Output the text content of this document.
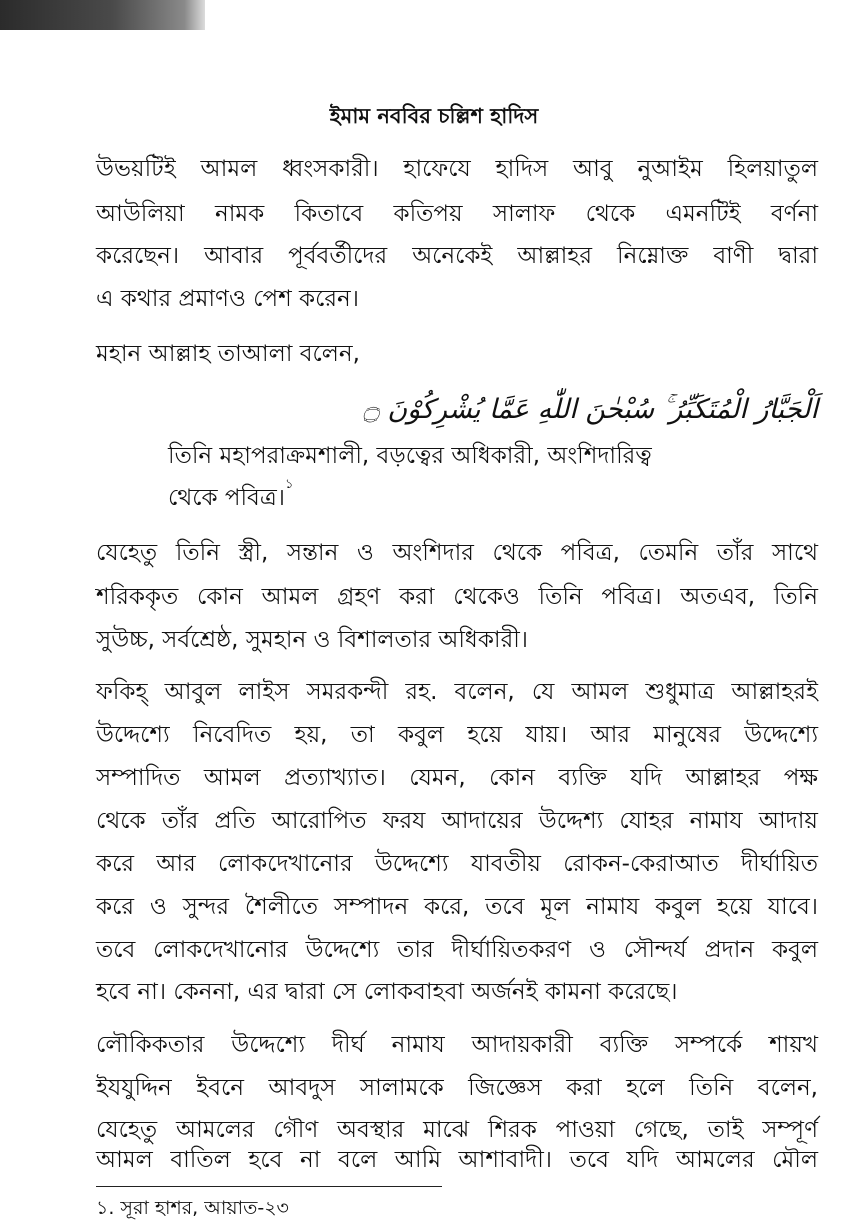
ইমাম নববির চল্লিশ হাদিস
উভয়টিই আমল ধ্বংসকারী। হাফেযে হাদিস আবু নুআইম হিলয়াতুল
আউলিয়া নামক কিতাবে কতিপয় সালাফ থেকে এমনটিই বর্ণনা
করেছেন। আবার পূর্ববর্তীদের অনেকেই আল্লাহর নিম্নোক্ত বাণী দ্বারা
এ কথার প্রমাণও পেশ করেন।
মহান আল্লাহ তাআলা বলেন,
اَلْجَبَّارُ الْمُتَكَبِّرُ ۚ سُبْحٰنَ اللّٰهِ عَمَّا یُشْرِكُوْنَ ۝
তিনি মহাপরাক্রমশালী, বড়ত্বের অধিকারী, অংশিদারিত্ব
থেকে পবিত্র।$^১$
যেহেতু তিনি স্ত্রী, সন্তান ও অংশিদার থেকে পবিত্র, তেমনি তাঁর সাথে
শরিককৃত কোন আমল গ্রহণ করা থেকেও তিনি পবিত্র। অতএব, তিনি
সুউচ্চ, সর্বশ্রেষ্ঠ, সুমহান ও বিশালতার অধিকারী।
ফকিহ্ আবুল লাইস সমরকন্দী রহ. বলেন, যে আমল শুধুমাত্র আল্লাহরই
উদ্দেশ্যে নিবেদিত হয়, তা কবুল হয়ে যায়। আর মানুষের উদ্দেশ্যে
সম্পাদিত আমল প্রত্যাখ্যাত। যেমন, কোন ব্যক্তি যদি আল্লাহর পক্ষ
থেকে তাঁর প্রতি আরোপিত ফরয আদায়ের উদ্দেশ্য যোহর নামায আদায়
করে আর লোকদেখানোর উদ্দেশ্যে যাবতীয় রোকন-কেরাআত দীর্ঘায়িত
করে ও সুন্দর শৈলীতে সম্পাদন করে, তবে মূল নামায কবুল হয়ে যাবে।
তবে লোকদেখানোর উদ্দেশ্যে তার দীর্ঘায়িতকরণ ও সৌন্দর্য প্রদান কবুল
হবে না। কেননা, এর দ্বারা সে লোকবাহবা অর্জনই কামনা করেছে।
লৌকিকতার উদ্দেশ্যে দীর্ঘ নামায আদায়কারী ব্যক্তি সম্পর্কে শায়খ
ইযযুদ্দিন ইবনে আবদুস সালামকে জিজ্ঞেস করা হলে তিনি বলেন,
যেহেতু আমলের গৌণ অবস্থার মাঝে শিরক পাওয়া গেছে, তাই সম্পূর্ণ
আমল বাতিল হবে না বলে আমি আশাবাদী। তবে যদি আমলের মৌল
১. সূরা হাশর, আয়াত-২৩
